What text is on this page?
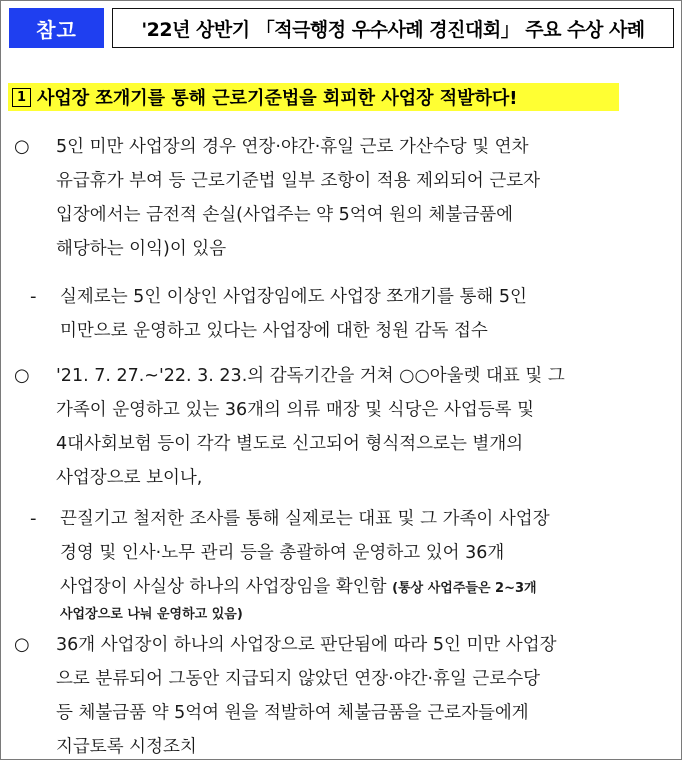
참고	'22년 상반기 「적극행정 우수사례 경진대회」 주요 수상 사례
1 사업장 쪼개기를 통해 근로기준법을 회피한 사업장 적발하다!
○ 5인 미만 사업장의 경우 연장·야간·휴일 근로 가산수당 및 연차
유급휴가 부여 등 근로기준법 일부 조항이 적용 제외되어 근로자
입장에서는 금전적 손실(사업주는 약 5억여 원의 체불금품에
해당하는 이익)이 있음
- 실제로는 5인 이상인 사업장임에도 사업장 쪼개기를 통해 5인
미만으로 운영하고 있다는 사업장에 대한 청원 감독 접수
○ '21. 7. 27.~'22. 3. 23.의 감독기간을 거쳐 ○○아울렛 대표 및 그
가족이 운영하고 있는 36개의 의류 매장 및 식당은 사업등록 및
4대사회보험 등이 각각 별도로 신고되어 형식적으로는 별개의
사업장으로 보이나,
- 끈질기고 철저한 조사를 통해 실제로는 대표 및 그 가족이 사업장
경영 및 인사·노무 관리 등을 총괄하여 운영하고 있어 36개
사업장이 사실상 하나의 사업장임을 확인함 (통상 사업주들은 2~3개
사업장으로 나눠 운영하고 있음)
○ 36개 사업장이 하나의 사업장으로 판단됨에 따라 5인 미만 사업장
으로 분류되어 그동안 지급되지 않았던 연장·야간·휴일 근로수당
등 체불금품 약 5억여 원을 적발하여 체불금품을 근로자들에게
지급토록 시정조치
